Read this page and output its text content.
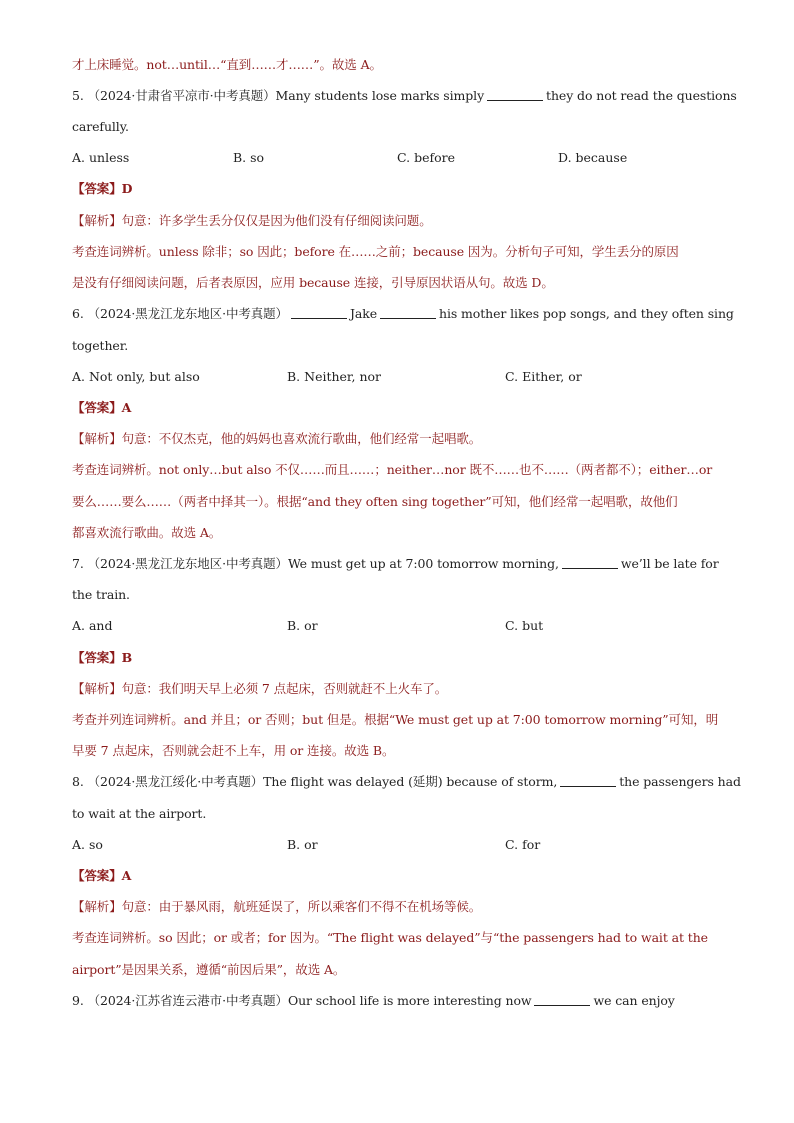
才上床睡觉。not…until…“直到……才……”。故选 A。
5. （2024·甘肃省平凉市·中考真题）Many students lose marks simply	they do not read the questions
carefully.
A. unless	B. so	C. before	D. because
【答案】D
【解析】句意：许多学生丢分仅仅是因为他们没有仔细阅读问题。
考查连词辨析。unless 除非；so 因此；before 在……之前；because 因为。分析句子可知，学生丢分的原因
是没有仔细阅读问题，后者表原因，应用 because 连接，引导原因状语从句。故选 D。
6. （2024·黑龙江龙东地区·中考真题）	Jake	his mother likes pop songs, and they often sing
together.
A. Not only, but also	B. Neither, nor	C. Either, or
【答案】A
【解析】句意：不仅杰克，他的妈妈也喜欢流行歌曲，他们经常一起唱歌。
考查连词辨析。not only…but also 不仅……而且……；neither…nor 既不……也不……（两者都不）；either…or
要么……要么……（两者中择其一）。根据“and they often sing together”可知，他们经常一起唱歌，故他们
都喜欢流行歌曲。故选 A。
7. （2024·黑龙江龙东地区·中考真题）We must get up at 7:00 tomorrow morning,	we’ll be late for
the train.
A. and	B. or	C. but
【答案】B
【解析】句意：我们明天早上必须 7 点起床，否则就赶不上火车了。
考查并列连词辨析。and 并且；or 否则；but 但是。根据“We must get up at 7:00 tomorrow morning”可知，明
早要 7 点起床，否则就会赶不上车，用 or 连接。故选 B。
8. （2024·黑龙江绥化·中考真题）The flight was delayed (延期) because of storm,	the passengers had
to wait at the airport.
A. so	B. or	C. for
【答案】A
【解析】句意：由于暴风雨，航班延误了，所以乘客们不得不在机场等候。
考查连词辨析。so 因此；or 或者；for 因为。“The flight was delayed”与“the passengers had to wait at the
airport”是因果关系，遵循“前因后果”，故选 A。
9. （2024·江苏省连云港市·中考真题）Our school life is more interesting now	we can enjoy
